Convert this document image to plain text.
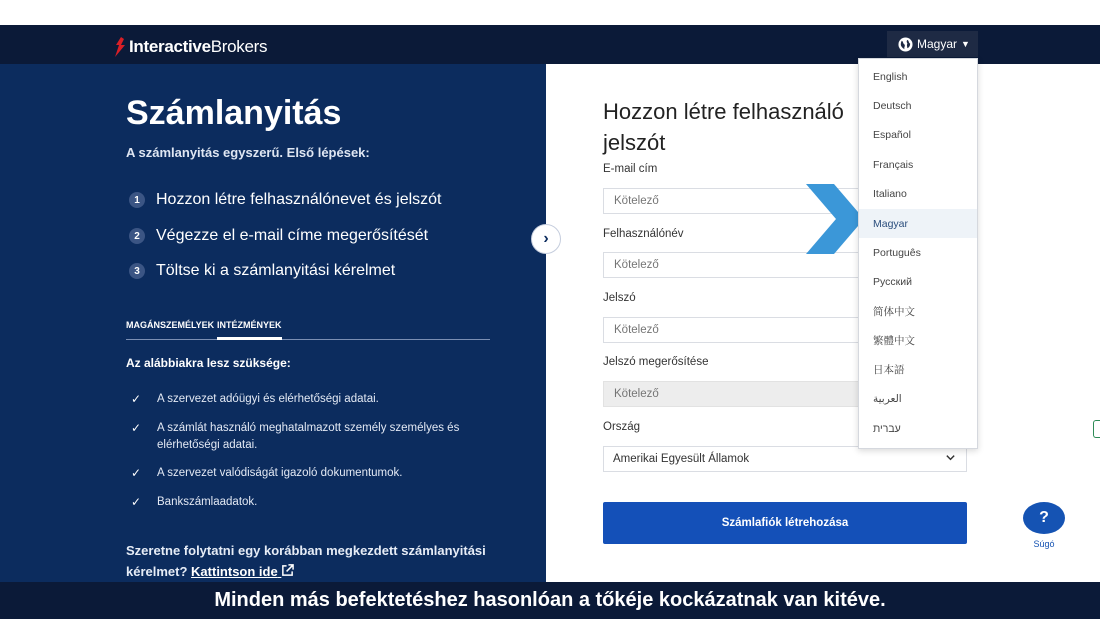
Interactive Brokers	Magyar ▼
Számlanyitás
A számlanyitás egyszerű. Első lépések:
1	Hozzon létre felhasználónevet és jelszót
2	Végezze el e-mail címe megerősítését
3	Töltse ki a számlanyitási kérelmet
MAGÁNSZEMÉLYEK INTÉZMÉNYEK
Az alábbiakra lesz szüksége:
✓	A szervezet adóügyi és elérhetőségi adatai.
✓	A számlát használó meghatalmazott személy személyes és
elérhetőségi adatai.
✓	A szervezet valódiságát igazoló dokumentumok.
✓	Bankszámlaadatok.
Szeretne folytatni egy korábban megkezdett számlanyitási kérelmet? Kattintson ide
›
Hozzon létre felhasználó
jelszót
E-mail cím
Kötelező
Felhasználónév
Kötelező
Jelszó
Kötelező
Jelszó megerősítése
Kötelező
Ország
Amerikai Egyesült Államok
Számlafiók létrehozása
English
Deutsch
Español
Français
Italiano
Magyar
Português
Русский
简体中文
繁體中文
日本語
العربية
עברית
?
Súgó
Minden más befektetéshez hasonlóan a tőkéje kockázatnak van kitéve.
